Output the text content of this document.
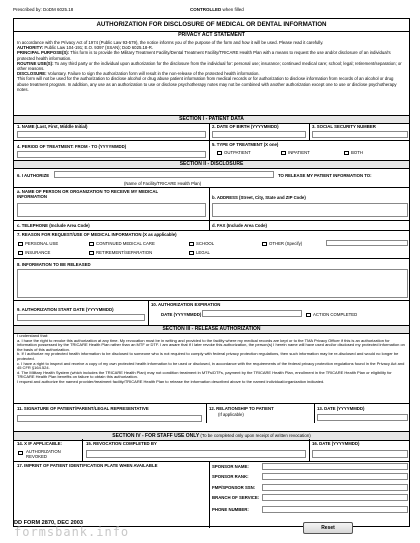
Prescribed by: DoDM 6025.18	CONTROLLED when filled
AUTHORIZATION FOR DISCLOSURE OF MEDICAL OR DENTAL INFORMATION
PRIVACY ACT STATEMENT
In accordance with the Privacy Act of 1974 (Public Law 93-579), the notice informs you of the purpose of the form and how it will be used. Please read it carefully.
AUTHORITY: Public Law 104-191; E.O. 9397 (SSAN); DoD 6025.18-R.
PRINCIPAL PURPOSE(S): This form is to provide the Military Treatment Facility/Dental Treatment Facility/TRICARE Health Plan with a means to request the use and/or disclosure of an individual's protected health information.
ROUTINE USE(S): To any third party or the individual upon authorization for the disclosure from the individual for: personal use; insurance; continued medical care; school; legal; retirement/separation; or other reasons.
DISCLOSURE: Voluntary. Failure to sign the authorization form will result in the non-release of the protected health information.
This form will not be used for the authorization to disclose alcohol or drug abuse patient information from medical records or for authorization to disclose information from records of an alcohol or drug abuse treatment program. In addition, any use as an authorization to use or disclose psychotherapy notes may not be combined with another authorization except one to use or disclose psychotherapy notes.
SECTION I - PATIENT DATA
1. NAME (Last, First, Middle Initial)	2. DATE OF BIRTH (YYYYMMDD)	3. SOCIAL SECURITY NUMBER
4. PERIOD OF TREATMENT: FROM - TO (YYYYMMDD)	5. TYPE OF TREATMENT (X one)
OUTPATIENT	INPATIENT	BOTH
SECTION II - DISCLOSURE
6. I AUTHORIZE	TO RELEASE MY PATIENT INFORMATION TO:
(Name of Facility/TRICARE Health Plan)
a. NAME OF PERSON OR ORGANIZATION TO RECEIVE MY MEDICAL INFORMATION	b. ADDRESS (Street, City, State and ZIP Code)
c. TELEPHONE (Include Area Code)	d. FAX (Include Area Code)
7. REASON FOR REQUEST/USE OF MEDICAL INFORMATION (X as applicable)
PERSONAL USE	CONTINUED MEDICAL CARE	SCHOOL	OTHER (Specify)
INSURANCE	RETIREMENT/SEPARATION	LEGAL
8. INFORMATION TO BE RELEASED
9. AUTHORIZATION START DATE (YYYYMMDD)
10. AUTHORIZATION EXPIRATION
DATE (YYYYMMDD)	ACTION COMPLETED
SECTION III - RELEASE AUTHORIZATION
I understand that:
a. I have the right to revoke this authorization at any time. My revocation must be in writing and provided to the facility where my medical records are kept or to the TMA Privacy Officer if this is an authorization for information possessed by the TRICARE Health Plan rather than an MTF or DTF. I am aware that if I later revoke this authorization, the person(s) I herein name will have used and/or disclosed my protected information on the basis of this authorization.
b. If I authorize my protected health information to be disclosed to someone who is not required to comply with federal privacy protection regulations, then such information may be re-disclosed and would no longer be protected.
c. I have a right to inspect and receive a copy of my own protected health information to be used or disclosed, in accordance with the requirements of the federal privacy protection regulations found in the Privacy Act and 45 CFR §164.524.
d. The Military Health System (which includes the TRICARE Health Plan) may not condition treatment in MTFs/DTFs, payment by the TRICARE Health Plan, enrollment in the TRICARE Health Plan or eligibility for TRICARE Health Plan benefits on failure to obtain this authorization.
I request and authorize the named provider/treatment facility/TRICARE Health Plan to release the information described above to the named individual/organization indicated.
11. SIGNATURE OF PATIENT/PARENT/LEGAL REPRESENTATIVE	12. RELATIONSHIP TO PATIENT
(If applicable)
13. DATE (YYYYMMDD)
SECTION IV - FOR STAFF USE ONLY (To be completed only upon receipt of written revocation)
14. X IF APPLICABLE:
AUTHORIZATION REVOKED
15. REVOCATION COMPLETED BY	16. DATE (YYYYMMDD)
17. IMPRINT OF PATIENT IDENTIFICATION PLATE WHEN AVAILABLE	SPONSOR NAME:
SPONSOR RANK:
FMP/SPONSOR SSN:
BRANCH OF SERVICE:
PHONE NUMBER:
DD FORM 2870, DEC 2003
formsbank.info	Reset
